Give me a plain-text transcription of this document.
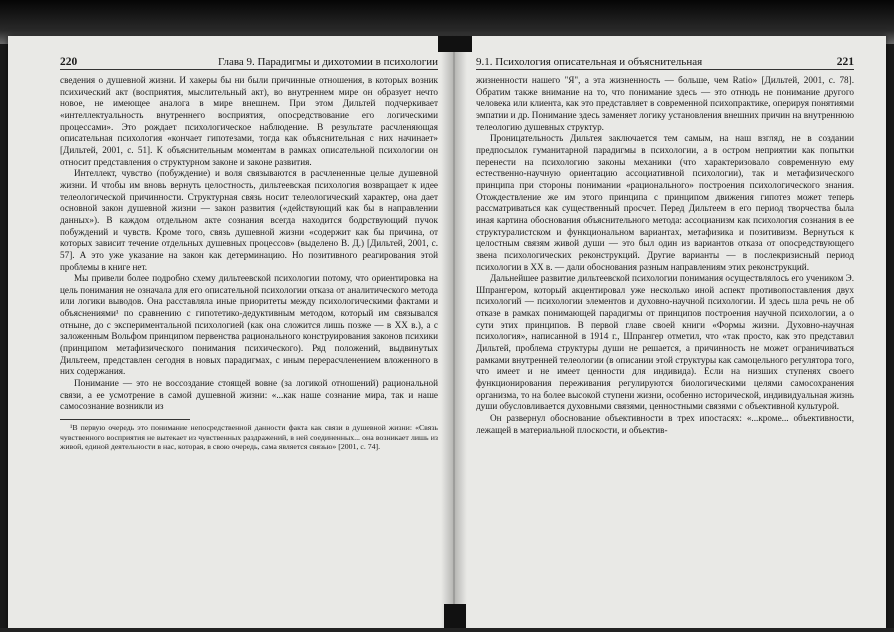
220	Глава 9. Парадигмы и дихотомии в психологии

сведения о душевной жизни. И хакеры бы ни были причинные отношения, в которых возник психический акт (восприятия, мыслительный акт), во внутреннем мире он образует нечто новое, не имеющее аналога в мире внешнем. При этом Дильтей подчеркивает «интеллектуальность внутреннего восприятия, опосредствование его логическими процессами». Это рождает психологическое наблюдение. В результате расчленяющая описательная психология «кончает гипотезами, тогда как объяснительная с них начинает» [Дильтей, 2001, с. 51]. К объяснительным моментам в рамках описательной психологии он относит представления о структурном законе и законе развития.

Интеллект, чувство (побуждение) и воля связываются в расчлененные целые душевной жизни. И чтобы им вновь вернуть целостность, дильтеевская психология возвращает к идее телеологической причинности. Структурная связь носит телеологический характер, она дает основной закон душевной жизни — закон развития («действующий как бы в направлении данных»). В каждом отдельном акте сознания всегда находится бодрствующий пучок побуждений и чувств. Кроме того, связь душевной жизни «содержит как бы причина, от которых зависит течение отдельных душевных процессов» (выделено В. Д.) [Дильтей, 2001, с. 57]. А это уже указание на закон как детерминацию. Но позитивного реагирования этой проблемы в книге нет.

Мы привели более подробно схему дильтеевской психологии потому, что ориентировка на цель понимания не означала для его описательной психологии отказа от аналитического метода или логики выводов. Она расставляла иные приоритеты между психологическими фактами и объяснениями¹ по сравнению с гипотетико-дедуктивным методом, который им связывался отныне, до с экспериментальной психологией (как она сложится лишь позже — в XX в.), а с заложенным Вольфом принципом первенства рационального конструирования законов психики (принципом метафизического понимания психического). Ряд положений, выдвинутых Дильтеем, представлен сегодня в новых парадигмах, с иным перерасчленением вложенного в них содержания.

Понимание — это не воссоздание стоящей вовне (за логикой отношений) рациональной связи, а ее усмотрение в самой душевной жизни: «...как наше сознание мира, так и наше самосознание возникли из

¹В первую очередь это понимание непосредственной данности факта как связи в душевной жизни: «Связь чувственного восприятия не вытекает из чувственных раздражений, в ней соединенных... она возникает лишь из живой, единой деятельности в нас, которая, в свою очередь, сама является связью» [2001, с. 74].

9.1. Психология описательная и объяснительная	221

жизненности нашего "Я", а эта жизненность — больше, чем Ratio» [Дильтей, 2001, с. 78]. Обратим также внимание на то, что понимание здесь — это отнюдь не понимание другого человека или клиента, как это представляет в современной психопрактике, оперируя понятиями эмпатии и др. Понимание здесь заменяет логику установления внешних причин на внутреннюю телеологию душевных структур.

Проницательность Дильтея заключается тем самым, на наш взгляд, не в создании предпосылок гуманитарной парадигмы в психологии, а в остром неприятии как попытки перенести на психологию законы механики (что характеризовало современную ему естественно-научную ориентацию ассоциативной психологии), так и метафизического принципа при стороны понимании «рационального» построения психологического знания. Отождествление же им этого принципа с принципом движения гипотез может теперь рассматриваться как существенный просчет. Перед Дильтеем в его период творчества была иная картина обоснования объяснительного метода: ассоцианизм как психология сознания в ее структуралистском и функциональном вариантах, метафизика и позитивизм. Вернуться к целостным связям живой души — это был один из вариантов отказа от опосредствующего звена психологических реконструкций. Другие варианты — в послекризисный период психологии в XX в. — дали обоснования разным направлениям этих реконструкций.

Дальнейшее развитие дильтеевской психологии понимания осуществлялось его учеником Э. Шпрангером, который акцентировал уже несколько иной аспект противопоставления двух психологий — психологии элементов и духовно-научной психологии. И здесь шла речь не об отказе в рамках понимающей парадигмы от принципов построения научной психологии, а о сути этих принципов. В первой главе своей книги «Формы жизни. Духовно-научная психология», написанной в 1914 г., Шпрангер отметил, что «так просто, как это представил Дильтей, проблема структуры души не решается, а причинность не может ограничиваться рамками внутренней телеологии (в описании этой структуры как самоцельного регулятора того, что имеет и не имеет ценности для индивида). Если на низших ступенях своего функционирования переживания регулируются биологическими целями самосохранения организма, то на более высокой ступени жизни, особенно исторической, индивидуальная жизнь души обусловливается духовными связями, ценностными связями с объективной культурой.

Он развернул обоснование объективности в трех ипостасях: «...кроме... объективности, лежащей в материальной плоскости, и объектив-
